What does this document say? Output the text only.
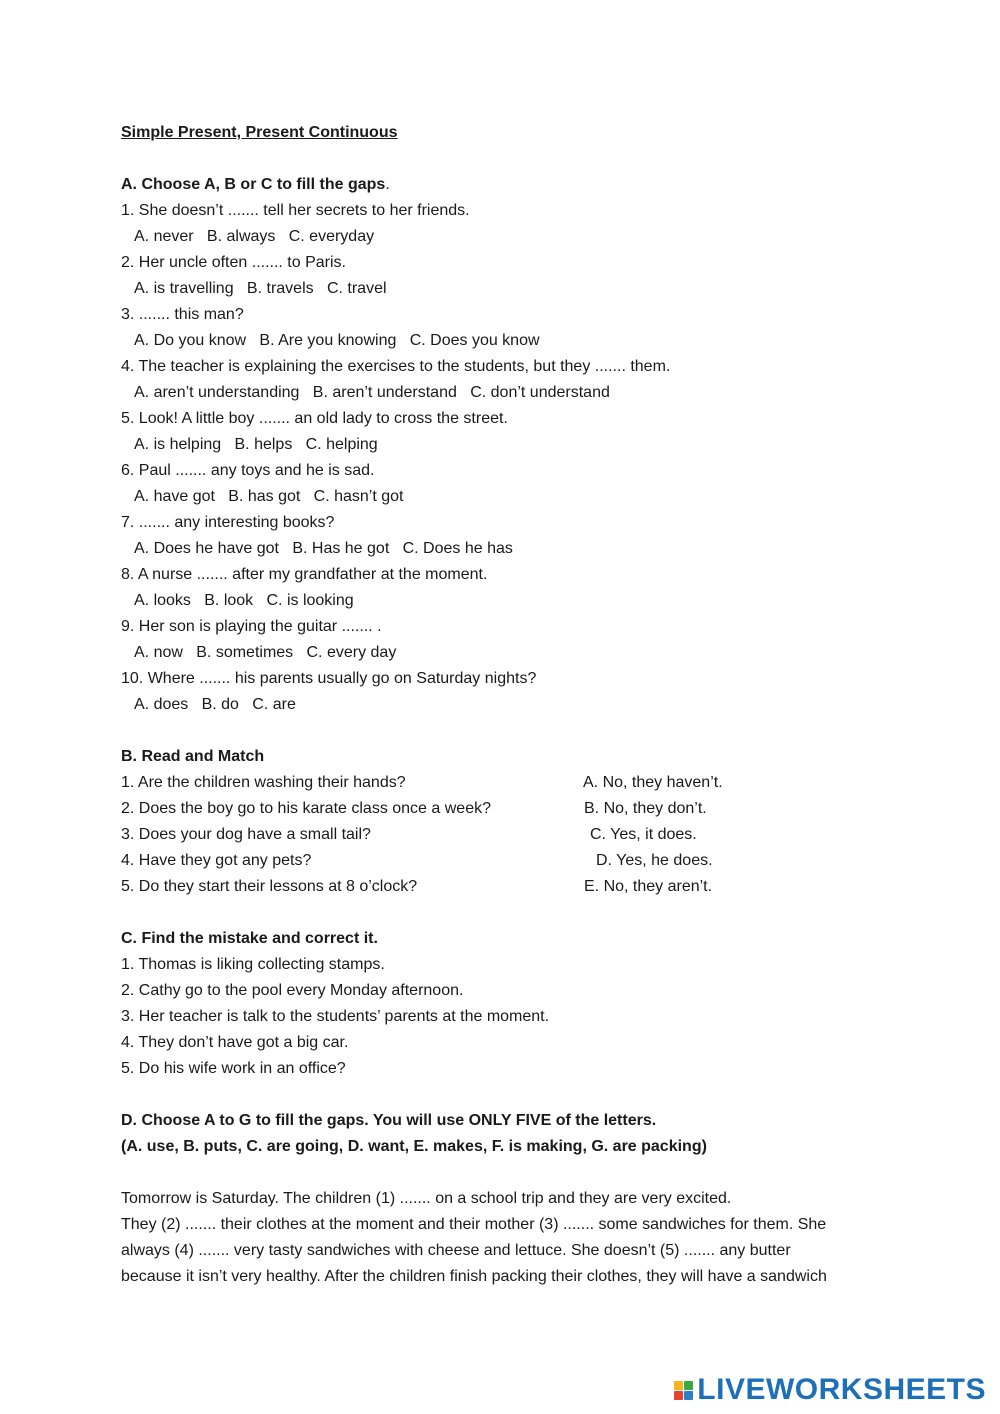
Simple Present, Present Continuous
A. Choose A, B or C to fill the gaps.
1. She doesn’t ....... tell her secrets to her friends.
A. never   B. always   C. everyday
2. Her uncle often ....... to Paris.
A. is travelling   B. travels   C. travel
3. ....... this man?
A. Do you know   B. Are you knowing   C. Does you know
4. The teacher is explaining the exercises to the students, but they ....... them.
A. aren’t understanding   B. aren’t understand   C. don’t understand
5. Look! A little boy ....... an old lady to cross the street.
A. is helping   B. helps   C. helping
6. Paul ....... any toys and he is sad.
A. have got   B. has got   C. hasn’t got
7. ....... any interesting books?
A. Does he have got   B. Has he got   C. Does he has
8. A nurse ....... after my grandfather at the moment.
A. looks   B. look   C. is looking
9. Her son is playing the guitar ....... .
A. now   B. sometimes   C. every day
10. Where ....... his parents usually go on Saturday nights?
A. does   B. do   C. are
B. Read and Match
1. Are the children washing their hands?	A. No, they haven’t.
2. Does the boy go to his karate class once a week?	B. No, they don’t.
3. Does your dog have a small tail?	C. Yes, it does.
4. Have they got any pets?	D. Yes, he does.
5. Do they start their lessons at 8 o’clock?	E. No, they aren’t.
C. Find the mistake and correct it.
1. Thomas is liking collecting stamps.
2. Cathy go to the pool every Monday afternoon.
3. Her teacher is talk to the students’ parents at the moment.
4. They don’t have got a big car.
5. Do his wife work in an office?
D. Choose A to G to fill the gaps. You will use ONLY FIVE of the letters.
(A. use, B. puts, C. are going, D. want, E. makes, F. is making, G. are packing)
Tomorrow is Saturday. The children (1) ....... on a school trip and they are very excited.
They (2) ....... their clothes at the moment and their mother (3) ....... some sandwiches for them. She
always (4) ....... very tasty sandwiches with cheese and lettuce. She doesn’t (5) ....... any butter
because it isn’t very healthy. After the children finish packing their clothes, they will have a sandwich
LIVEWORKSHEETS
